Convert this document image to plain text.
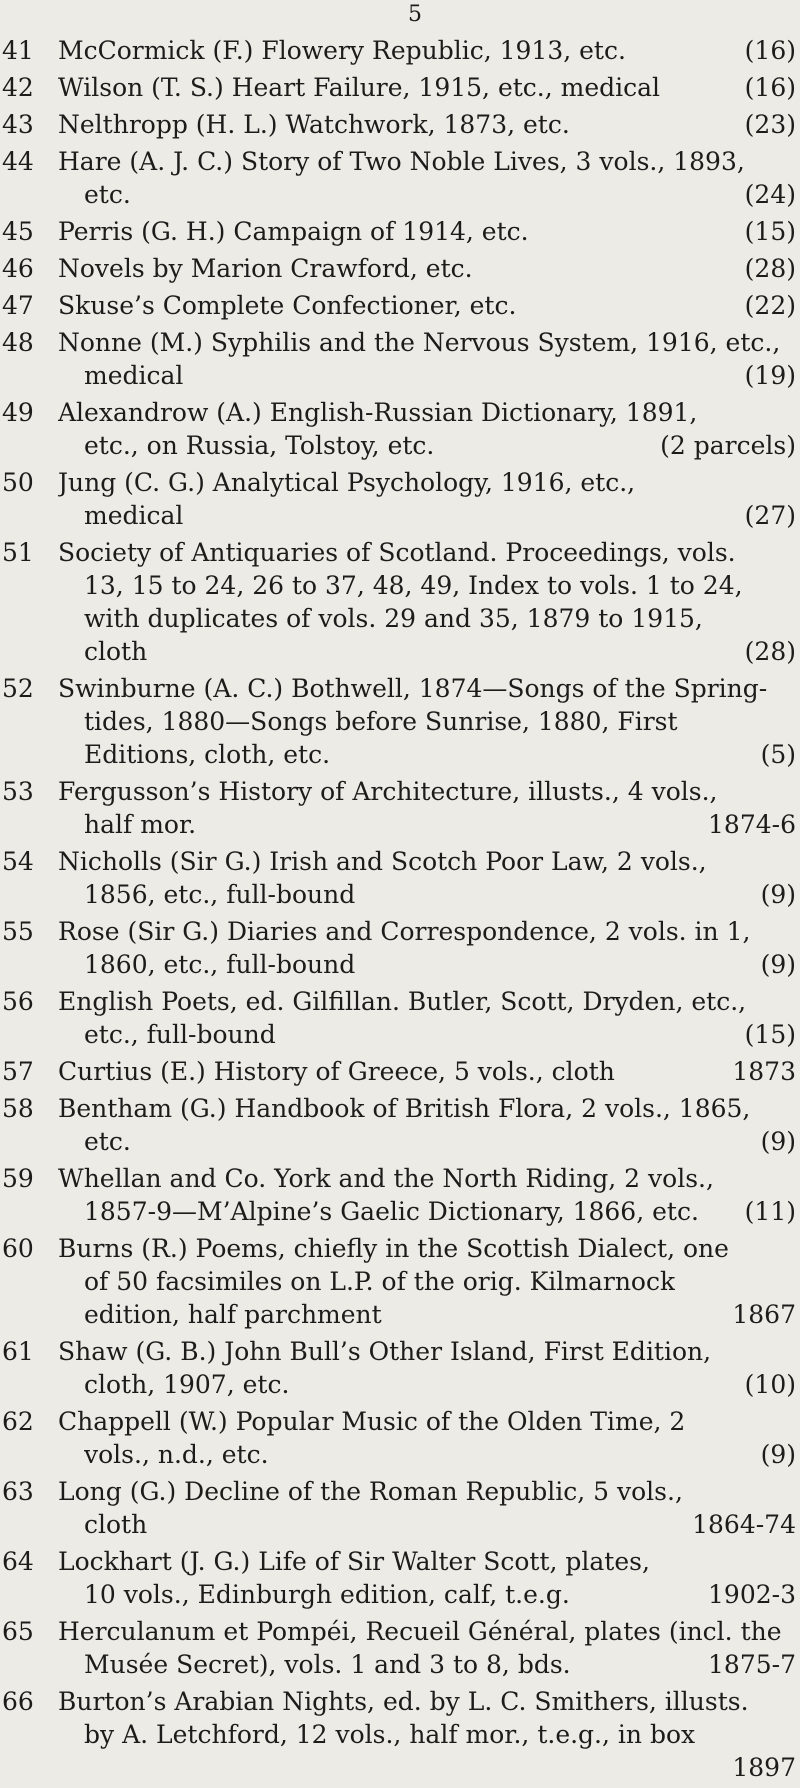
5
41 McCormick (F.) Flowery Republic, 1913, etc.	(16)
42 Wilson (T. S.) Heart Failure, 1915, etc., medical	(16)
43 Nelthropp (H. L.) Watchwork, 1873, etc.	(23)
44 Hare (A. J. C.) Story of Two Noble Lives, 3 vols., 1893,
etc.	(24)
45 Perris (G. H.) Campaign of 1914, etc.	(15)
46 Novels by Marion Crawford, etc.	(28)
47 Skuse’s Complete Confectioner, etc.	(22)
48 Nonne (M.) Syphilis and the Nervous System, 1916, etc.,
medical	(19)
49 Alexandrow (A.) English-Russian Dictionary, 1891,
etc., on Russia, Tolstoy, etc.	(2 parcels)
50 Jung (C. G.) Analytical Psychology, 1916, etc.,
medical	(27)
51 Society of Antiquaries of Scotland. Proceedings, vols.
13, 15 to 24, 26 to 37, 48, 49, Index to vols. 1 to 24,
with duplicates of vols. 29 and 35, 1879 to 1915,
cloth	(28)
52 Swinburne (A. C.) Bothwell, 1874—Songs of the Spring-
tides, 1880—Songs before Sunrise, 1880, First
Editions, cloth, etc.	(5)
53 Fergusson’s History of Architecture, illusts., 4 vols.,
half mor.	1874-6
54 Nicholls (Sir G.) Irish and Scotch Poor Law, 2 vols.,
1856, etc., full-bound	(9)
55 Rose (Sir G.) Diaries and Correspondence, 2 vols. in 1,
1860, etc., full-bound	(9)
56 English Poets, ed. Gilfillan. Butler, Scott, Dryden, etc.,
etc., full-bound	(15)
57 Curtius (E.) History of Greece, 5 vols., cloth	1873
58 Bentham (G.) Handbook of British Flora, 2 vols., 1865,
etc.	(9)
59 Whellan and Co. York and the North Riding, 2 vols.,
1857-9—M’Alpine’s Gaelic Dictionary, 1866, etc.	(11)
60 Burns (R.) Poems, chiefly in the Scottish Dialect, one
of 50 facsimiles on L.P. of the orig. Kilmarnock
edition, half parchment	1867
61 Shaw (G. B.) John Bull’s Other Island, First Edition,
cloth, 1907, etc.	(10)
62 Chappell (W.) Popular Music of the Olden Time, 2
vols., n.d., etc.	(9)
63 Long (G.) Decline of the Roman Republic, 5 vols.,
cloth	1864-74
64 Lockhart (J. G.) Life of Sir Walter Scott, plates,
10 vols., Edinburgh edition, calf, t.e.g.	1902-3
65 Herculanum et Pompéi, Recueil Général, plates (incl. the
Musée Secret), vols. 1 and 3 to 8, bds.	1875-7
66 Burton’s Arabian Nights, ed. by L. C. Smithers, illusts.
by A. Letchford, 12 vols., half mor., t.e.g., in box
1897
